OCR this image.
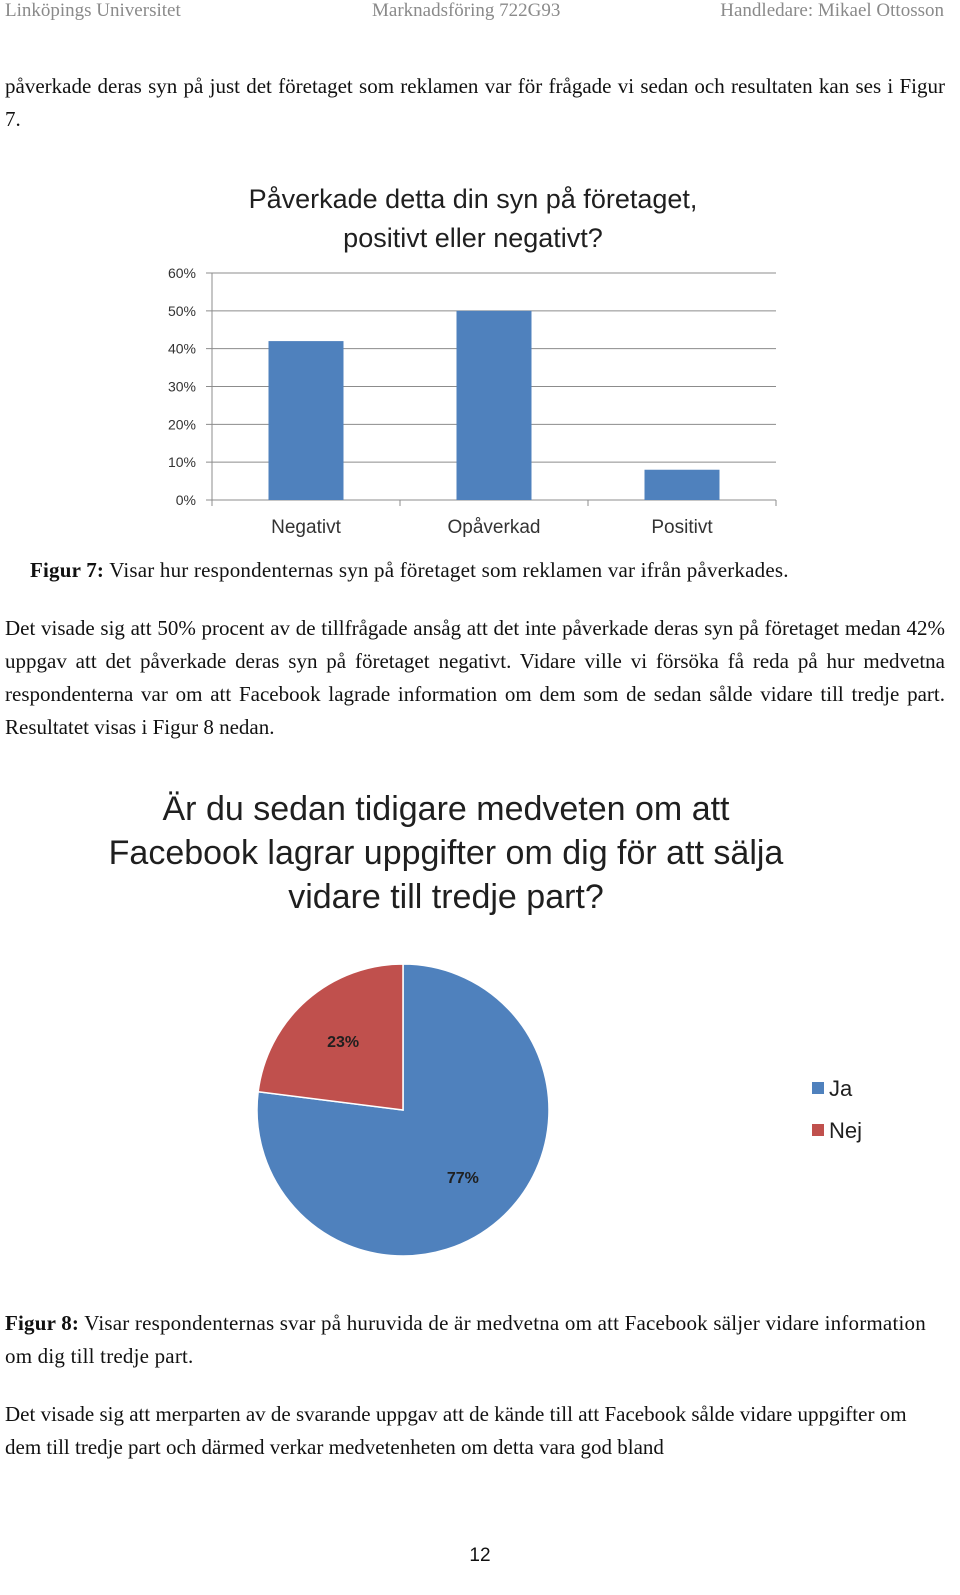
Linköpings Universitet	Marknadsföring 722G93	Handledare: Mikael Ottosson

påverkade deras syn på just det företaget som reklamen var för frågade vi sedan och resultaten kan ses i Figur 7.

Påverkade detta din syn på företaget,
positivt eller negativt?
0%
10%
20%
30%
40%
50%
60%
Negativt	Opåverkad	Positivt

Figur 7: Visar hur respondenternas syn på företaget som reklamen var ifrån påverkades.

Det visade sig att 50% procent av de tillfrågade ansåg att det inte påverkade deras syn på företaget medan 42% uppgav att det påverkade deras syn på företaget negativt. Vidare ville vi försöka få reda på hur medvetna respondenterna var om att Facebook lagrade information om dem som de sedan sålde vidare till tredje part. Resultatet visas i Figur 8 nedan.

Är du sedan tidigare medveten om att
Facebook lagrar uppgifter om dig för att sälja
vidare till tredje part?
77%
23%
Ja
Nej

Figur 8: Visar respondenternas svar på huruvida de är medvetna om att Facebook säljer vidare information om dig till tredje part.

Det visade sig att merparten av de svarande uppgav att de kände till att Facebook sålde vidare uppgifter om dem till tredje part och därmed verkar medvetenheten om detta vara god bland

12
